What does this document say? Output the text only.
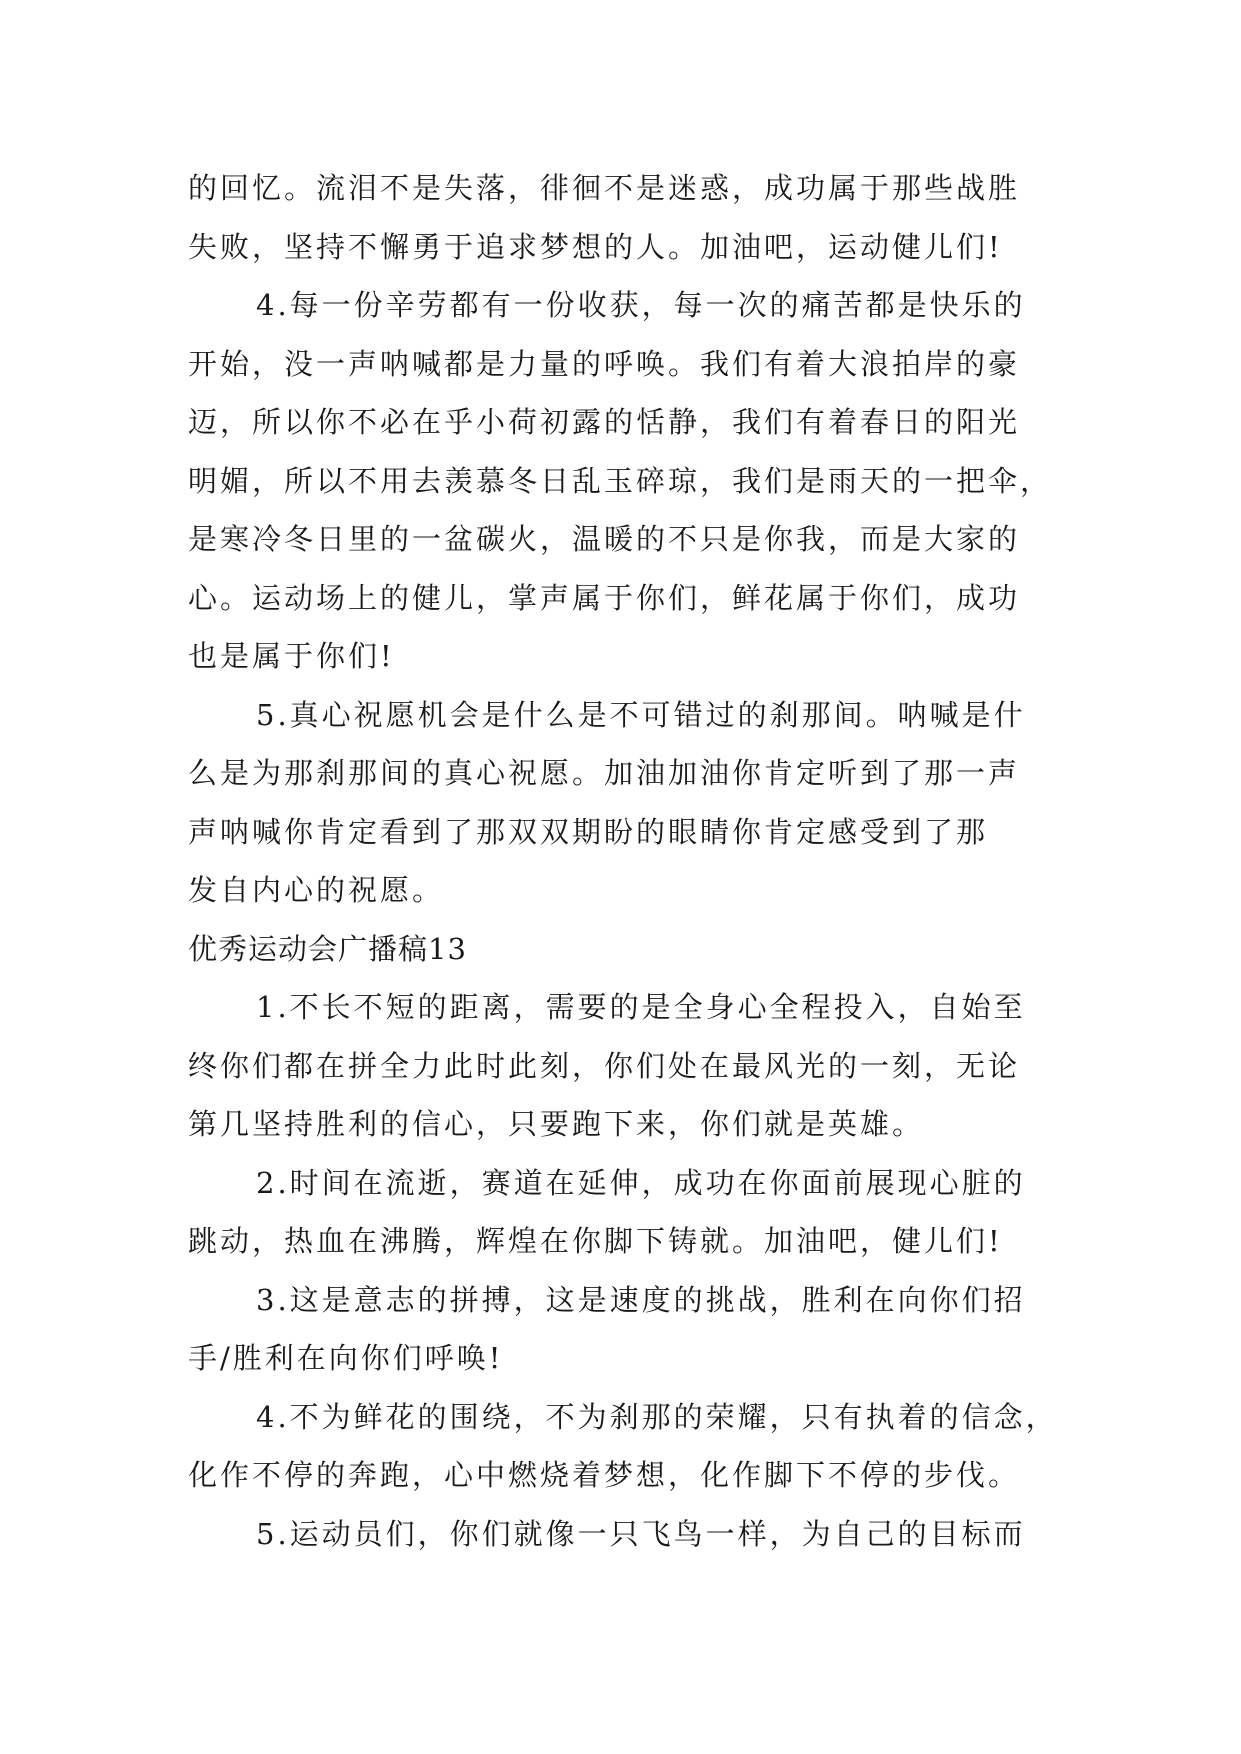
的回忆。流泪不是失落，徘徊不是迷惑，成功属于那些战胜
失败，坚持不懈勇于追求梦想的人。加油吧，运动健儿们!
4.每一份辛劳都有一份收获，每一次的痛苦都是快乐的
开始，没一声呐喊都是力量的呼唤。我们有着大浪拍岸的豪
迈，所以你不必在乎小荷初露的恬静，我们有着春日的阳光
明媚，所以不用去羡慕冬日乱玉碎琼，我们是雨天的一把伞，
是寒冷冬日里的一盆碳火，温暖的不只是你我，而是大家的
心。运动场上的健儿，掌声属于你们，鲜花属于你们，成功
也是属于你们!
5.真心祝愿机会是什么是不可错过的刹那间。呐喊是什
么是为那刹那间的真心祝愿。加油加油你肯定听到了那一声
声呐喊你肯定看到了那双双期盼的眼睛你肯定感受到了那
发自内心的祝愿。
优秀运动会广播稿13
1.不长不短的距离，需要的是全身心全程投入，自始至
终你们都在拼全力此时此刻，你们处在最风光的一刻，无论
第几坚持胜利的信心，只要跑下来，你们就是英雄。
2.时间在流逝，赛道在延伸，成功在你面前展现心脏的
跳动，热血在沸腾，辉煌在你脚下铸就。加油吧，健儿们!
3.这是意志的拼搏，这是速度的挑战，胜利在向你们招
手/胜利在向你们呼唤!
4.不为鲜花的围绕，不为刹那的荣耀，只有执着的信念，
化作不停的奔跑，心中燃烧着梦想，化作脚下不停的步伐。
5.运动员们，你们就像一只飞鸟一样，为自己的目标而
